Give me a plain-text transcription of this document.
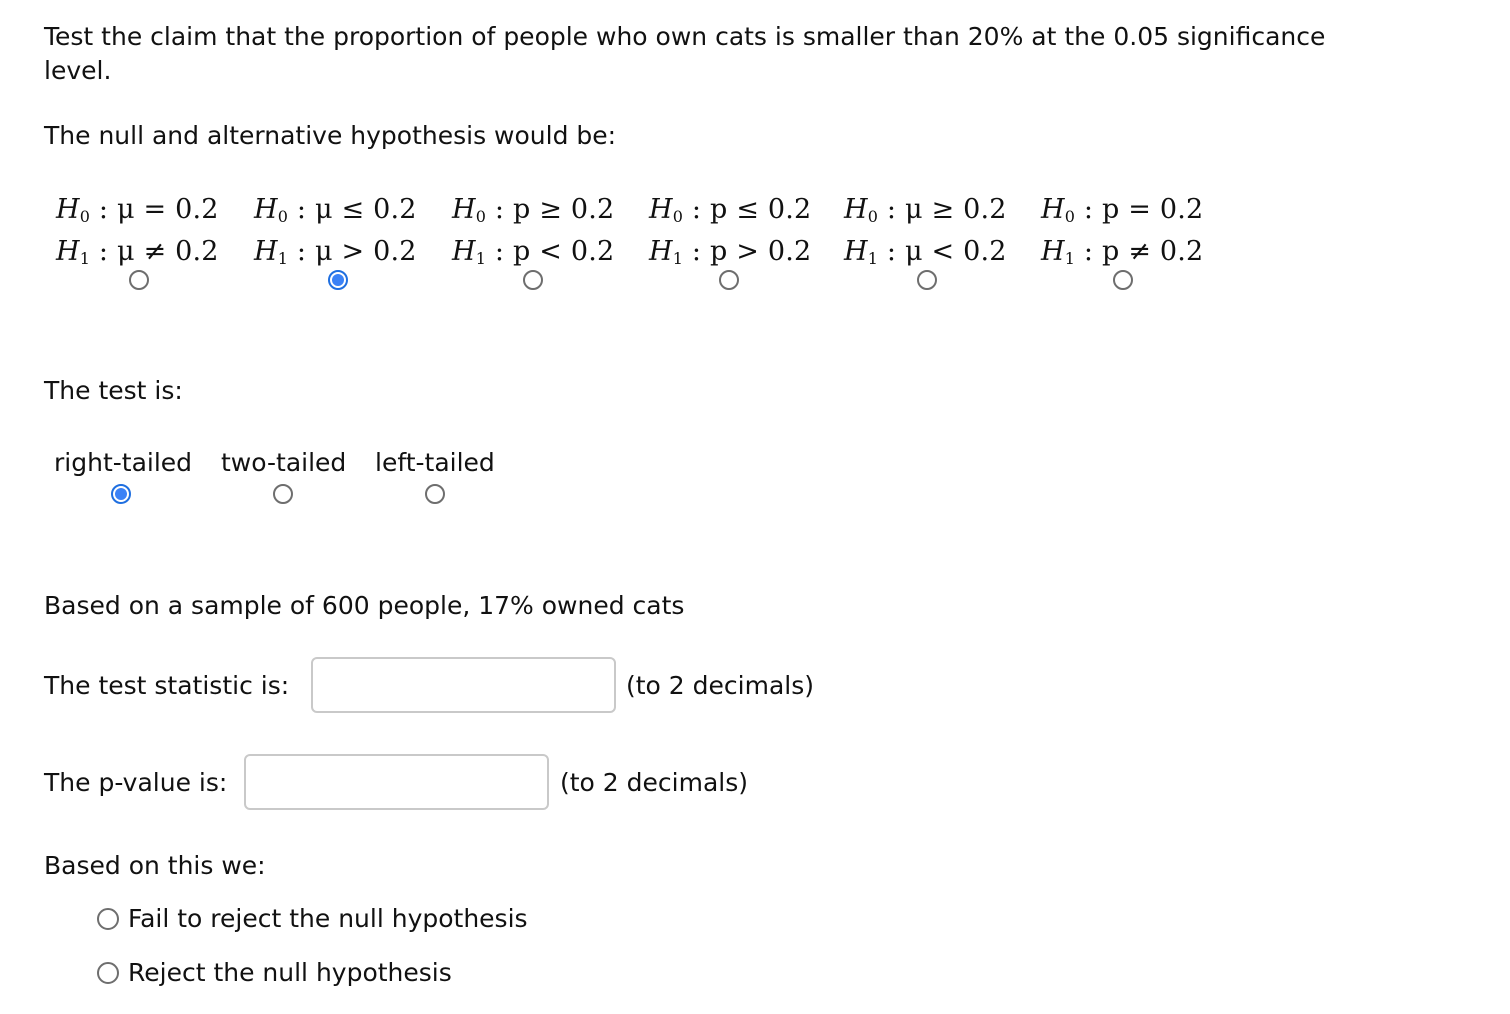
Test the claim that the proportion of people who own cats is smaller than 20% at the 0.05 significance
level.
The null and alternative hypothesis would be:
$H_0$ : μ = 0.2
$H_1$ : μ ≠ 0.2
$H_0$ : μ ≤ 0.2
$H_1$ : μ > 0.2
$H_0$ : p ≥ 0.2
$H_1$ : p < 0.2
$H_0$ : p ≤ 0.2
$H_1$ : p > 0.2
$H_0$ : μ ≥ 0.2
$H_1$ : μ < 0.2
$H_0$ : p = 0.2
$H_1$ : p ≠ 0.2
The test is:
right-tailed two-tailed left-tailed
Based on a sample of 600 people, 17% owned cats
The test statistic is:	(to 2 decimals)
The p-value is:	(to 2 decimals)
Based on this we:
Fail to reject the null hypothesis
Reject the null hypothesis
